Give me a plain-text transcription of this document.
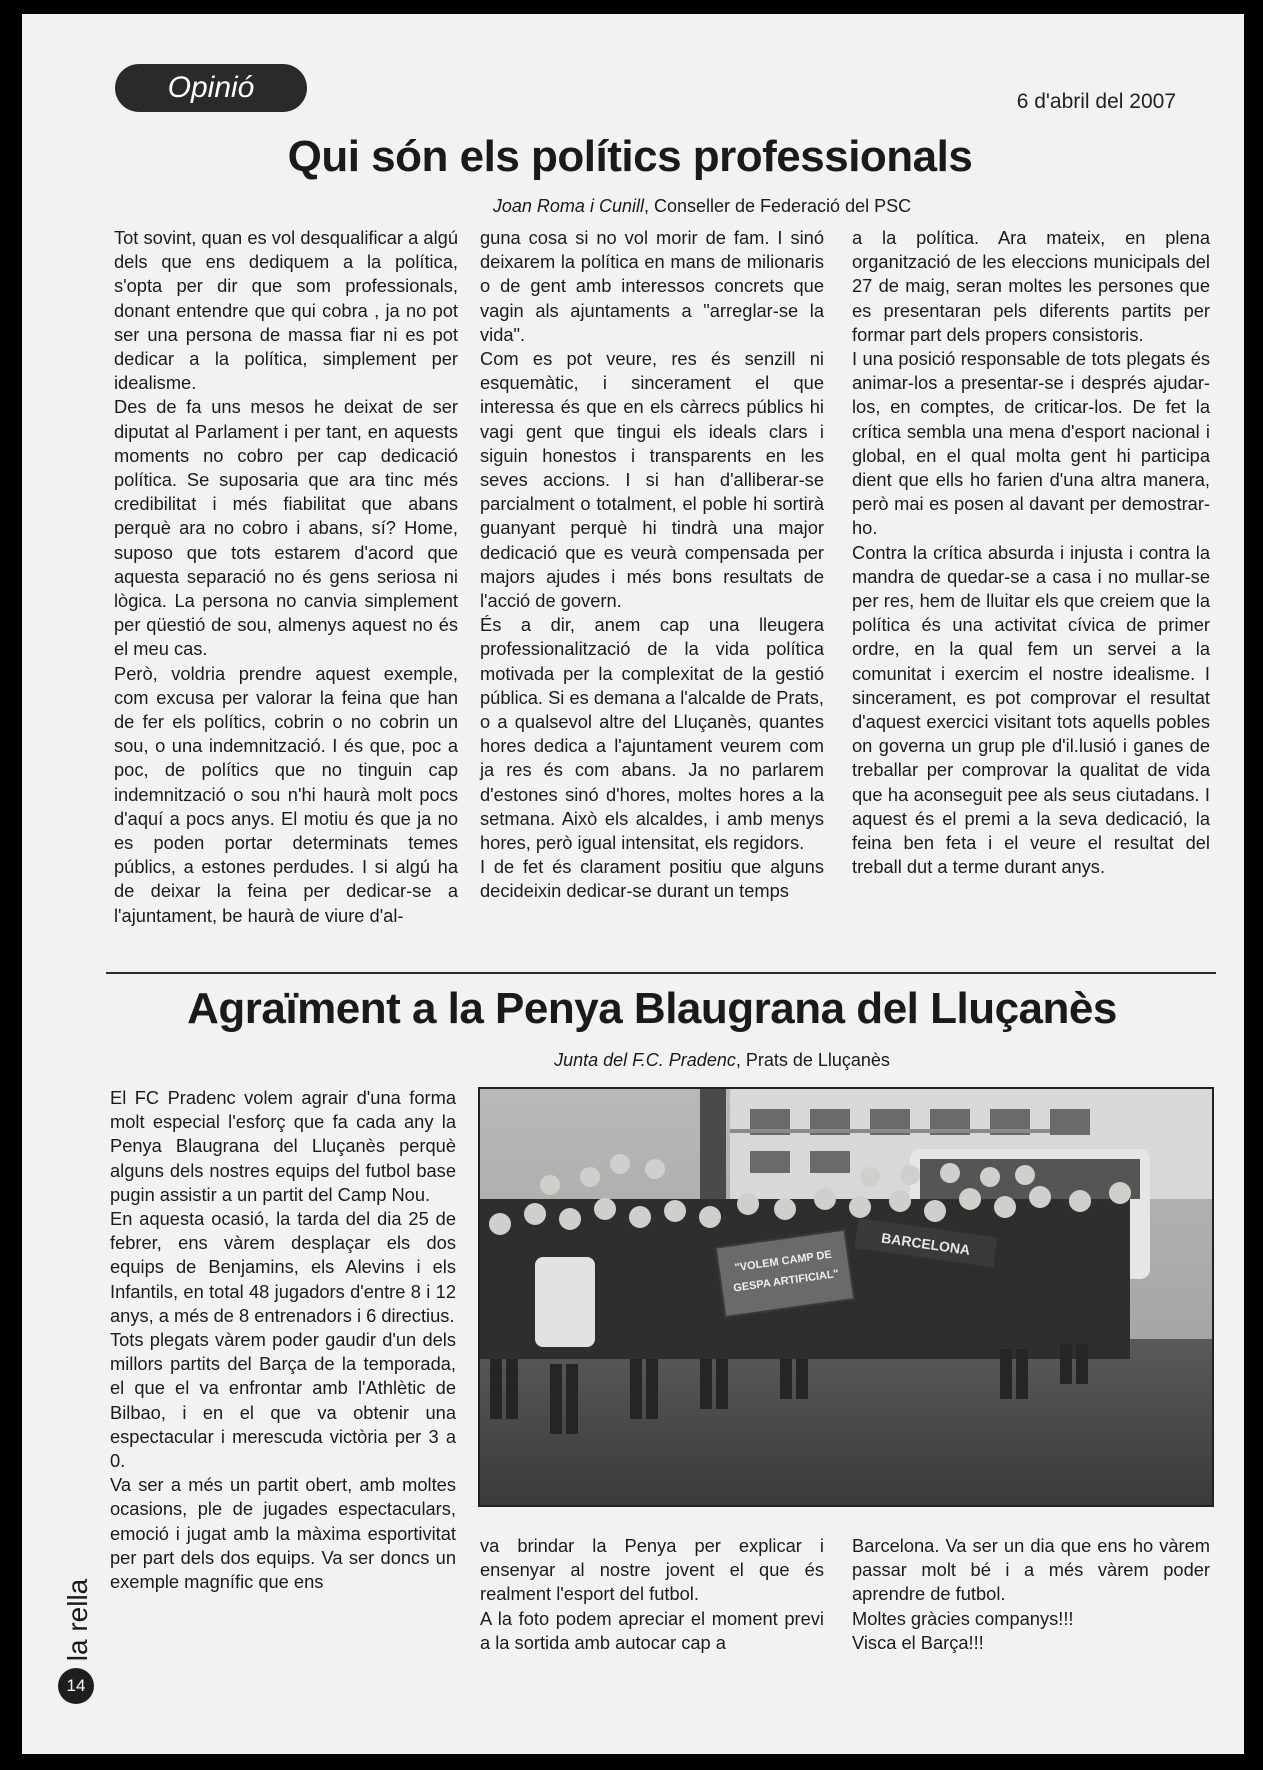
Opinió	6 d'abril del 2007
Qui són els polítics professionals
Joan Roma i Cunill, Conseller de Federació del PSC

Tot sovint, quan es vol desqualificar a algú dels que ens dediquem a la política, s'opta per dir que som professionals, donant entendre que qui cobra , ja no pot ser una persona de massa fiar ni es pot dedicar a la política, simplement per idealisme.

Des de fa uns mesos he deixat de ser diputat al Parlament i per tant, en aquests moments no cobro per cap dedicació política. Se suposaria que ara tinc més credibilitat i més fiabilitat que abans perquè ara no cobro i abans, sí? Home, suposo que tots estarem d'acord que aquesta separació no és gens seriosa ni lògica. La persona no canvia simplement per qüestió de sou, almenys aquest no és el meu cas.

Però, voldria prendre aquest exemple, com excusa per valorar la feina que han de fer els polítics, cobrin o no cobrin un sou, o una indemnització. I és que, poc a poc, de polítics que no tinguin cap indemnització o sou n'hi haurà molt pocs d'aquí a pocs anys. El motiu és que ja no es poden portar determinats temes públics, a estones perdudes. I si algú ha de deixar la feina per dedicar-se a l'ajuntament, be haurà de viure d'al-

guna cosa si no vol morir de fam. I sinó deixarem la política en mans de milionaris o de gent amb interessos concrets que vagin als ajuntaments a "arreglar-se la vida".

Com es pot veure, res és senzill ni esquemàtic, i sincerament el que interessa és que en els càrrecs públics hi vagi gent que tingui els ideals clars i siguin honestos i transparents en les seves accions. I si han d'alliberar-se parcialment o totalment, el poble hi sortirà guanyant perquè hi tindrà una major dedicació que es veurà compensada per majors ajudes i més bons resultats de l'acció de govern.

És a dir, anem cap una lleugera professionalització de la vida política motivada per la complexitat de la gestió pública. Si es demana a l'alcalde de Prats, o a qualsevol altre del Lluçanès, quantes hores dedica a l'ajuntament veurem com ja res és com abans. Ja no parlarem d'estones sinó d'hores, moltes hores a la setmana. Això els alcaldes, i amb menys hores, però igual intensitat, els regidors.

I de fet és clarament positiu que alguns decideixin dedicar-se durant un temps

a la política. Ara mateix, en plena organització de les eleccions municipals del 27 de maig, seran moltes les persones que es presentaran pels diferents partits per formar part dels propers consistoris.

I una posició responsable de tots plegats és animar-los a presentar-se i després ajudar-los, en comptes, de criticar-los. De fet la crítica sembla una mena d'esport nacional i global, en el qual molta gent hi participa dient que ells ho farien d'una altra manera, però mai es posen al davant per demostrar-ho.

Contra la crítica absurda i injusta i contra la mandra de quedar-se a casa i no mullar-se per res, hem de lluitar els que creiem que la política és una activitat cívica de primer ordre, en la qual fem un servei a la comunitat i exercim el nostre idealisme. I sincerament, es pot comprovar el resultat d'aquest exercici visitant tots aquells pobles on governa un grup ple d'il.lusió i ganes de treballar per comprovar la qualitat de vida que ha aconseguit pee als seus ciutadans. I aquest és el premi a la seva dedicació, la feina ben feta i el veure el resultat del treball dut a terme durant anys.

Agraïment a la Penya Blaugrana del Lluçanès
Junta del F.C. Pradenc, Prats de Lluçanès

El FC Pradenc volem agrair d'una forma molt especial l'esforç que fa cada any la Penya Blaugrana del Lluçanès perquè alguns dels nostres equips del futbol base pugin assistir a un partit del Camp Nou.

En aquesta ocasió, la tarda del dia 25 de febrer, ens vàrem desplaçar els dos equips de Benjamins, els Alevins i els Infantils, en total 48 jugadors d'entre 8 i 12 anys, a més de 8 entrenadors i 6 directius.

Tots plegats vàrem poder gaudir d'un dels millors partits del Barça de la temporada, el que el va enfrontar amb l'Athlètic de Bilbao, i en el que va obtenir una espectacular i merescuda victòria per 3 a 0.

Va ser a més un partit obert, amb moltes ocasions, ple de jugades espectaculars, emoció i jugat amb la màxima esportivitat per part dels dos equips. Va ser doncs un exemple magnífic que ens

"VOLEM CAMP DE
GESPA ARTIFICIAL"
BARCELONA

va brindar la Penya per explicar i ensenyar al nostre jovent el que és realment l'esport del futbol.

A la foto podem apreciar el moment previ a la sortida amb autocar cap a

Barcelona. Va ser un dia que ens ho vàrem passar molt bé i a més vàrem poder aprendre de futbol.

Moltes gràcies companys!!!

Visca el Barça!!!

la rella
14
